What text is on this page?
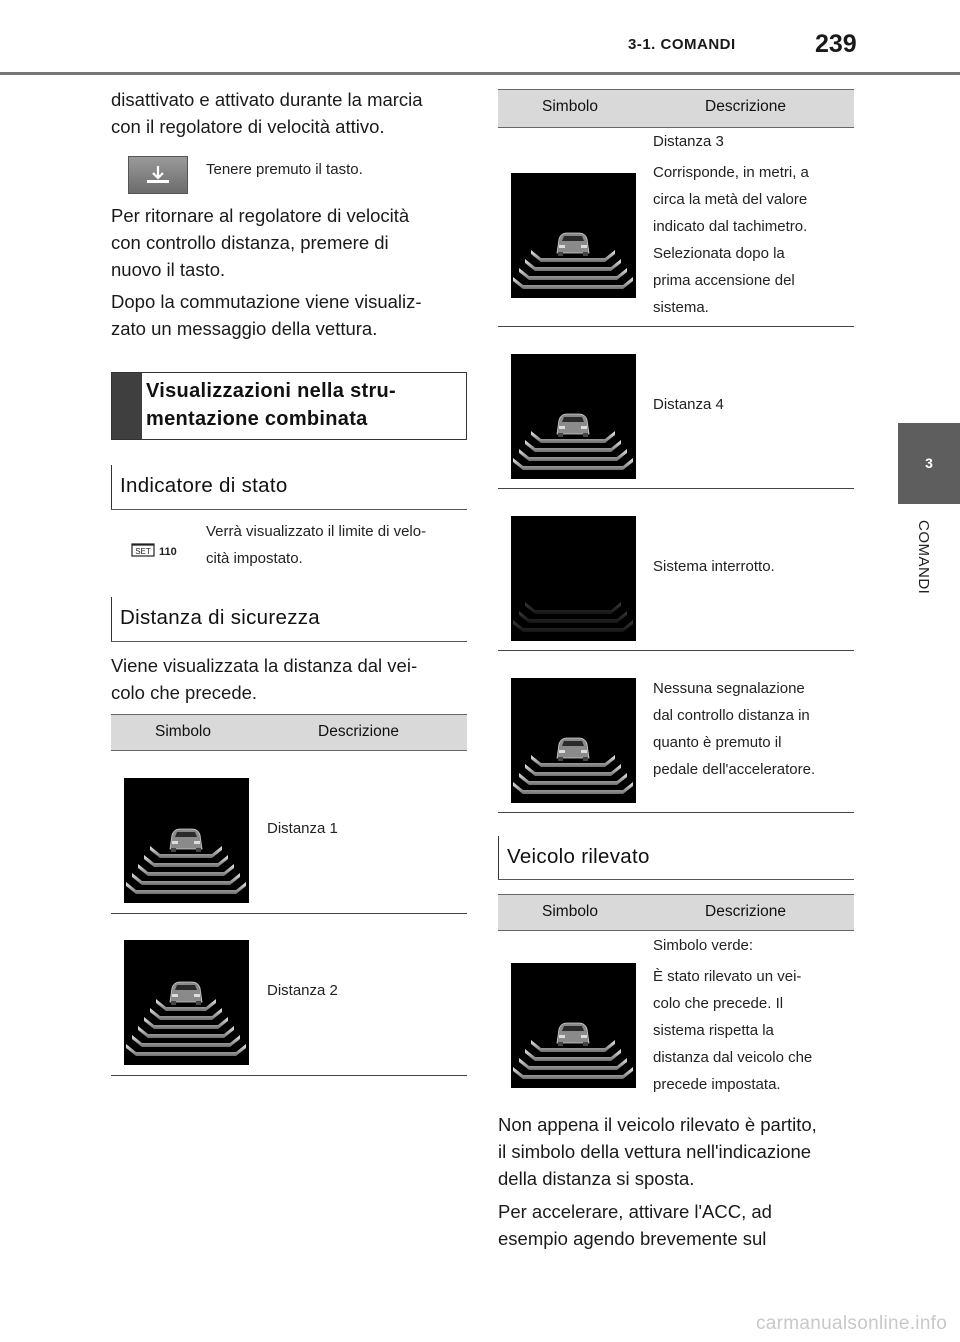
3-1. COMANDI	239
3
COMANDI
disattivato e attivato durante la marcia
con il regolatore di velocità attivo.
Tenere premuto il tasto.
Per ritornare al regolatore di velocità
con controllo distanza, premere di
nuovo il tasto.
Dopo la commutazione viene visualiz-
zato un messaggio della vettura.
Visualizzazioni nella stru-
mentazione combinata
Indicatore di stato
SET 110
Verrà visualizzato il limite di velo-
cità impostato.
Distanza di sicurezza
Viene visualizzata la distanza dal vei-
colo che precede.
Simbolo	Descrizione
Distanza 1
Distanza 2
Simbolo	Descrizione
Distanza 3
Corrisponde, in metri, a
circa la metà del valore
indicato dal tachimetro.
Selezionata dopo la
prima accensione del
sistema.
Distanza 4
Sistema interrotto.
Nessuna segnalazione
dal controllo distanza in
quanto è premuto il
pedale dell'acceleratore.
Veicolo rilevato
Simbolo	Descrizione
Simbolo verde:
È stato rilevato un vei-
colo che precede. Il
sistema rispetta la
distanza dal veicolo che
precede impostata.
Non appena il veicolo rilevato è partito,
il simbolo della vettura nell'indicazione
della distanza si sposta.
Per accelerare, attivare l'ACC, ad
esempio agendo brevemente sul
carmanualsonline.info
